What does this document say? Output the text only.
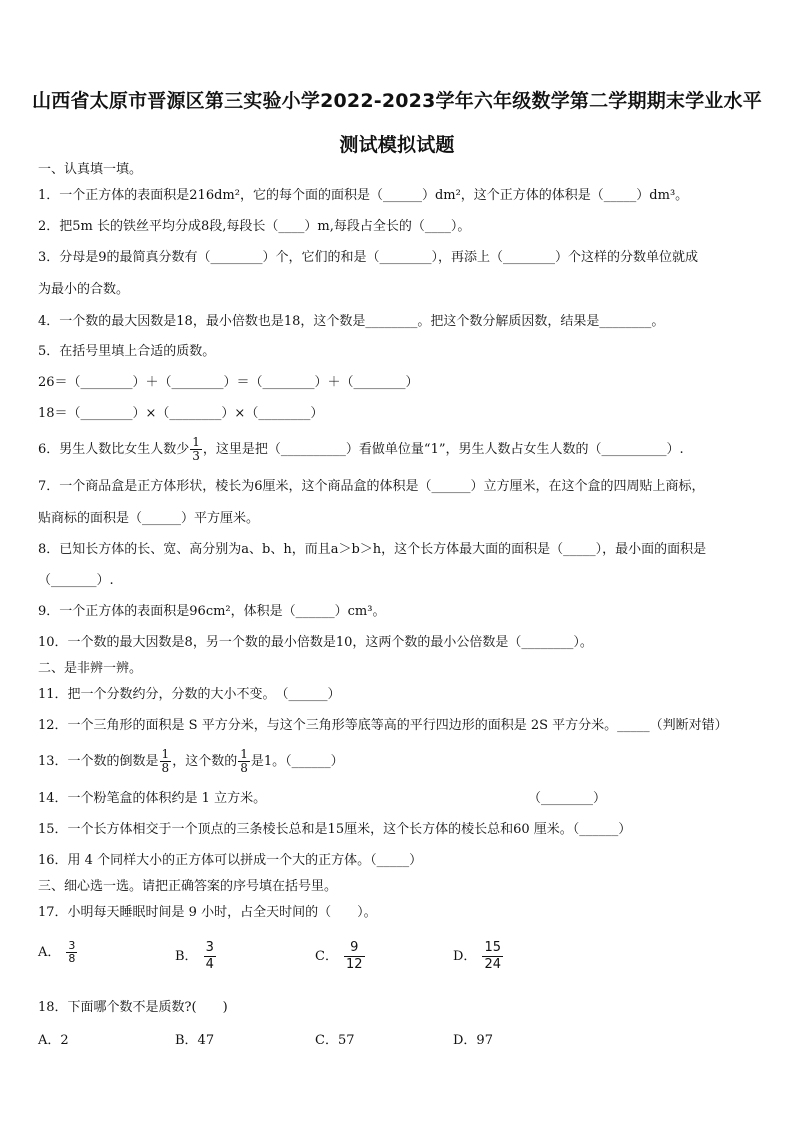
山西省太原市晋源区第三实验小学2022-2023学年六年级数学第二学期期末学业水平
测试模拟试题
一、认真填一填。
1．一个正方体的表面积是216dm²，它的每个面的面积是（______）dm²，这个正方体的体积是（_____）dm³。
2．把5m 长的铁丝平均分成8段,每段长（____）m,每段占全长的（____）。
3．分母是9的最简真分数有（________）个，它们的和是（________），再添上（________）个这样的分数单位就成
为最小的合数。
4．一个数的最大因数是18，最小倍数也是18，这个数是________。把这个数分解质因数，结果是________。
5．在括号里填上合适的质数。
26＝（________）＋（________）＝（________）＋（________）
18＝（________）×（________）×（________）
6．男生人数比女生人数少 $\frac{1}{3}$ ，这里是把（__________）看做单位量“1”，男生人数占女生人数的（__________）.
7．一个商品盒是正方体形状，棱长为6厘米，这个商品盒的体积是（______）立方厘米，在这个盒的四周贴上商标，
贴商标的面积是（______）平方厘米。
8．已知长方体的长、宽、高分别为a、b、h，而且a＞b＞h，这个长方体最大面的面积是（_____），最小面的面积是
（_______）.
9．一个正方体的表面积是96cm²，体积是（______）cm³。
10．一个数的最大因数是8，另一个数的最小倍数是10，这两个数的最小公倍数是（________）。
二、是非辨一辨。
11．把一个分数约分，分数的大小不变。　（______）
12．一个三角形的面积是 S 平方分米，与这个三角形等底等高的平行四边形的面积是 2S 平方分米。_____（判断对错）
13．一个数的倒数是 $\frac{1}{8}$ ，这个数的 $\frac{1}{8}$ 是1。（______）
14．一个粉笔盒的体积约是 1 立方米。	（________）
15．一个长方体相交于一个顶点的三条棱长总和是15厘米，这个长方体的棱长总和60 厘米。（______）
16．用 4 个同样大小的正方体可以拼成一个大的正方体。（_____）
三、细心选一选。请把正确答案的序号填在括号里。
17．小明每天睡眠时间是 9 小时，占全天时间的（　　）。
A． $\frac{3}{8}$	B． $\frac{3}{4}$	C． $\frac{9}{12}$	D． $\frac{15}{24}$
18．下面哪个数不是质数?(　　)
A．2	B．47	C．57	D．97
